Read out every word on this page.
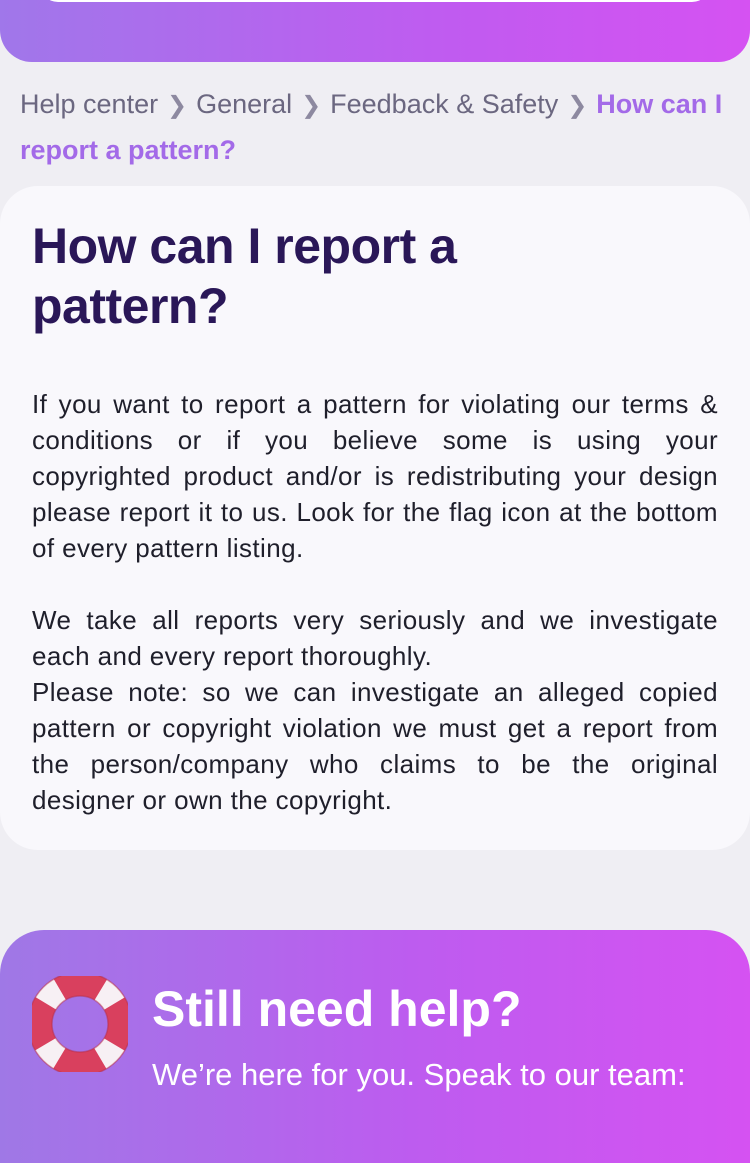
Help center ❯ General ❯ Feedback & Safety ❯ How can I report a pattern?
How can I report a pattern?

If you want to report a pattern for violating our terms & conditions or if you believe some is using your copyrighted product and/or is redistributing your design please report it to us. Look for the flag icon at the bottom of every pattern listing.

We take all reports very seriously and we investigate each and every report thoroughly.

Please note: so we can investigate an alleged copied pattern or copyright violation we must get a report from the person/company who claims to be the original designer or own the copyright.

Still need help?
We’re here for you. Speak to our team:
